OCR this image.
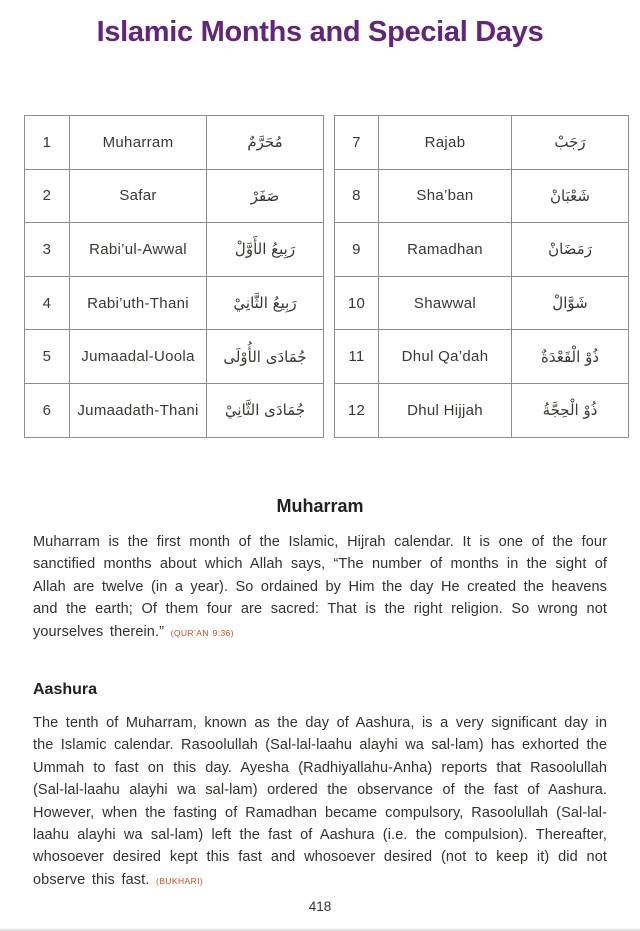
Islamic Months and Special Days
1	Muharram	مُحَرَّمٌ
2	Safar	صَفَرْ
3	Rabi’ul-Awwal	رَبِيعُ الأَوَّلْ
4	Rabi’uth-Thani	رَبِيعُ الثَّانِيْ
5	Jumaadal-Uoola	جُمَادَى الأُوْلَى
6	Jumaadath-Thani	جُمَادَى الثَّانِيْ
7	Rajab	رَجَبْ
8	Sha’ban	شَعْبَانْ
9	Ramadhan	رَمَضَانْ
10	Shawwal	شَوَّالْ
11	Dhul Qa’dah	ذُوْ الْقَعْدَةٌ
12	Dhul Hijjah	ذُوْ الْحِجَّةُ
Muharram

Muharram is the first month of the Islamic, Hijrah calendar. It is one of the four sanctified months about which Allah says, “The number of months in the sight of Allah are twelve (in a year). So ordained by Him the day He created the heavens and the earth; Of them four are sacred: That is the right religion. So wrong not yourselves therein.” (QUR’AN 9:36)

Aashura

The tenth of Muharram, known as the day of Aashura, is a very significant day in the Islamic calendar. Rasoolullah (Sal-lal-laahu alayhi wa sal-lam) has exhorted the Ummah to fast on this day. Ayesha (Radhiyallahu-Anha) reports that Rasoolullah (Sal-lal-laahu alayhi wa sal-lam) ordered the observance of the fast of Aashura. However, when the fasting of Ramadhan became compulsory, Rasoolullah (Sal-lal-laahu alayhi wa sal-lam) left the fast of Aashura (i.e. the compulsion). Thereafter, whosoever desired kept this fast and whosoever desired (not to keep it) did not observe this fast. (BUKHARI)

418
